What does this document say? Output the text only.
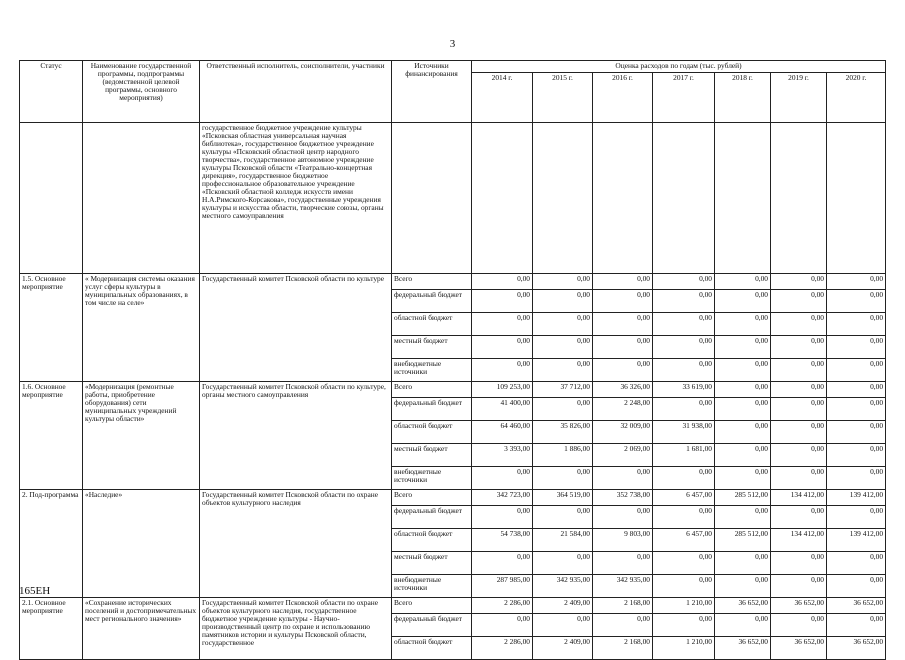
3
Статус	Наименование государственной программы, подпрограммы (ведомственной целевой программы, основного мероприятия)	Ответственный исполнитель, соисполнители, участники	Источники финансирования	Оценка расходов по годам (тыс. рублей)						
				2014 г.	2015 г.	2016 г.	2017 г.	2018 г.	2019 г.	2020 г.
		государственное бюджетное учреждение культуры «Псковская областная универсальная научная библиотека», государственное бюджетное учреждение культуры «Псковский областной центр народного творчества», государственное автономное учреждение культуры Псковской области «Театрально-концертная дирекция», государственное бюджетное профессиональное образовательное учреждение «Псковский областной колледж искусств имени Н.А.Римского-Корсакова», государственные учреждения культуры и искусства области, творческие союзы, органы местного самоуправления								
1.5. Основное мероприятие	« Модернизация системы оказания услуг сферы культуры в муниципальных образованиях, в том числе на селе»	Государственный комитет Псковской области по культуре	Всего	0,00	0,00	0,00	0,00	0,00	0,00	0,00
			федеральный бюджет	0,00	0,00	0,00	0,00	0,00	0,00	0,00
			областной бюджет	0,00	0,00	0,00	0,00	0,00	0,00	0,00
			местный бюджет	0,00	0,00	0,00	0,00	0,00	0,00	0,00
			внебюджетные источники	0,00	0,00	0,00	0,00	0,00	0,00	0,00
1.6. Основное мероприятие	«Модернизация (ремонтные работы, приобретение оборудования) сети муниципальных учреждений культуры области»	Государственный комитет Псковской области по культуре, органы местного самоуправления	Всего	109 253,00	37 712,00	36 326,00	33 619,00	0,00	0,00	0,00
			федеральный бюджет	41 400,00	0,00	2 248,00	0,00	0,00	0,00	0,00
			областной бюджет	64 460,00	35 826,00	32 009,00	31 938,00	0,00	0,00	0,00
			местный бюджет	3 393,00	1 886,00	2 069,00	1 681,00	0,00	0,00	0,00
			внебюджетные источники	0,00	0,00	0,00	0,00	0,00	0,00	0,00
2. Под-программа	«Наследие»	Государственный комитет Псковской области по охране объектов культурного наследия	Всего	342 723,00	364 519,00	352 738,00	6 457,00	285 512,00	134 412,00	139 412,00
			федеральный бюджет	0,00	0,00	0,00	0,00	0,00	0,00	0,00
			областной бюджет	54 738,00	21 584,00	9 803,00	6 457,00	285 512,00	134 412,00	139 412,00
			местный бюджет	0,00	0,00	0,00	0,00	0,00	0,00	0,00
			внебюджетные источники	287 985,00	342 935,00	342 935,00	0,00	0,00	0,00	0,00
2.1. Основное мероприятие	«Сохранение исторических поселений и достопримечательных мест регионального значения»	Государственный комитет Псковской области по охране объектов культурного наследия, государственное бюджетное учреждение культуры - Научно-производственный центр по охране и использованию памятников истории и культуры Псковской области, государственное	Всего	2 286,00	2 409,00	2 168,00	1 210,00	36 652,00	36 652,00	36 652,00
			федеральный бюджет	0,00	0,00	0,00	0,00	0,00	0,00	0,00
			областной бюджет	2 286,00	2 409,00	2 168,00	1 210,00	36 652,00	36 652,00	36 652,00
165ЕН
